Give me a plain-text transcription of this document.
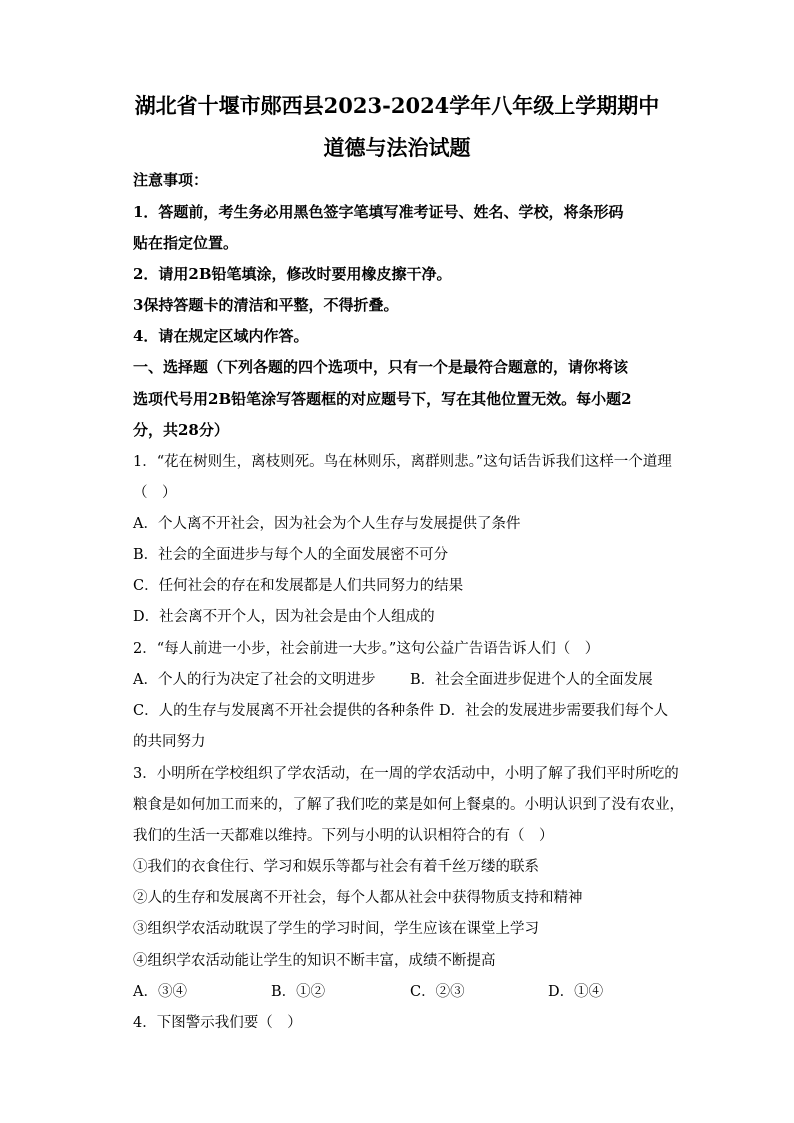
湖北省十堰市郧西县2023-2024学年八年级上学期期中
道德与法治试题
注意事项：
1．答题前，考生务必用黑色签字笔填写准考证号、姓名、学校，将条形码
贴在指定位置。
2．请用2B铅笔填涂，修改时要用橡皮擦干净。
3保持答题卡的清洁和平整，不得折叠。
4．请在规定区域内作答。
一、选择题（下列各题的四个选项中，只有一个是最符合题意的，请你将该
选项代号用2B铅笔涂写答题框的对应题号下，写在其他位置无效。每小题2
分，共28分）
1．“花在树则生，离枝则死。鸟在林则乐，离群则悲。”这句话告诉我们这样一个道理
（　）
A．个人离不开社会，因为社会为个人生存与发展提供了条件
B．社会的全面进步与每个人的全面发展密不可分
C．任何社会的存在和发展都是人们共同努力的结果
D．社会离不开个人，因为社会是由个人组成的
2．“每人前进一小步，社会前进一大步。”这句公益广告语告诉人们（　）
A．个人的行为决定了社会的文明进步 B．社会全面进步促进个人的全面发展
C．人的生存与发展离不开社会提供的各种条件 D．社会的发展进步需要我们每个人
的共同努力
3．小明所在学校组织了学农活动，在一周的学农活动中，小明了解了我们平时所吃的
粮食是如何加工而来的，了解了我们吃的菜是如何上餐桌的。小明认识到了没有农业，
我们的生活一天都难以维持。下列与小明的认识相符合的有（　）
①我们的衣食住行、学习和娱乐等都与社会有着千丝万缕的联系
②人的生存和发展离不开社会，每个人都从社会中获得物质支持和精神
③组织学农活动耽误了学生的学习时间，学生应该在课堂上学习
④组织学农活动能让学生的知识不断丰富，成绩不断提高
A．③④	B．①②	C．②③	D．①④
4．下图警示我们要（　）
